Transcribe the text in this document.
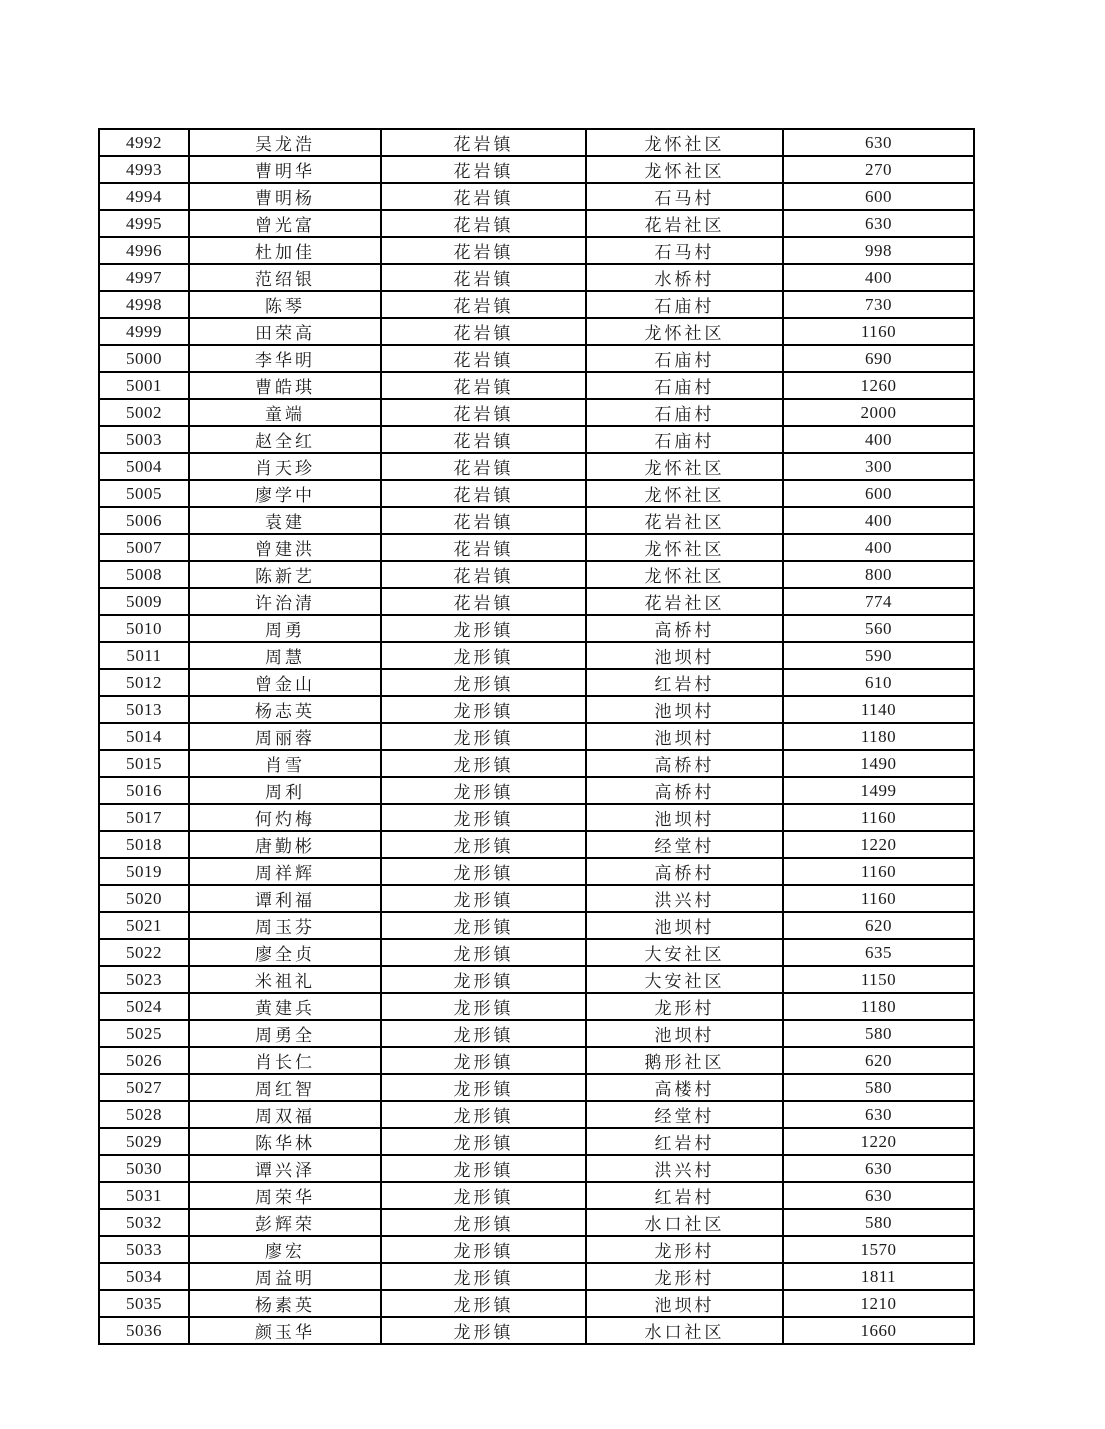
4992	吴龙浩	花岩镇	龙怀社区	630
4993	曹明华	花岩镇	龙怀社区	270
4994	曹明杨	花岩镇	石马村	600
4995	曾光富	花岩镇	花岩社区	630
4996	杜加佳	花岩镇	石马村	998
4997	范绍银	花岩镇	水桥村	400
4998	陈琴	花岩镇	石庙村	730
4999	田荣高	花岩镇	龙怀社区	1160
5000	李华明	花岩镇	石庙村	690
5001	曹皓琪	花岩镇	石庙村	1260
5002	童端	花岩镇	石庙村	2000
5003	赵全红	花岩镇	石庙村	400
5004	肖天珍	花岩镇	龙怀社区	300
5005	廖学中	花岩镇	龙怀社区	600
5006	袁建	花岩镇	花岩社区	400
5007	曾建洪	花岩镇	龙怀社区	400
5008	陈新艺	花岩镇	龙怀社区	800
5009	许治清	花岩镇	花岩社区	774
5010	周勇	龙形镇	高桥村	560
5011	周慧	龙形镇	池坝村	590
5012	曾金山	龙形镇	红岩村	610
5013	杨志英	龙形镇	池坝村	1140
5014	周丽蓉	龙形镇	池坝村	1180
5015	肖雪	龙形镇	高桥村	1490
5016	周利	龙形镇	高桥村	1499
5017	何灼梅	龙形镇	池坝村	1160
5018	唐勤彬	龙形镇	经堂村	1220
5019	周祥辉	龙形镇	高桥村	1160
5020	谭利福	龙形镇	洪兴村	1160
5021	周玉芬	龙形镇	池坝村	620
5022	廖全贞	龙形镇	大安社区	635
5023	米祖礼	龙形镇	大安社区	1150
5024	黄建兵	龙形镇	龙形村	1180
5025	周勇全	龙形镇	池坝村	580
5026	肖长仁	龙形镇	鹅形社区	620
5027	周红智	龙形镇	高楼村	580
5028	周双福	龙形镇	经堂村	630
5029	陈华林	龙形镇	红岩村	1220
5030	谭兴泽	龙形镇	洪兴村	630
5031	周荣华	龙形镇	红岩村	630
5032	彭辉荣	龙形镇	水口社区	580
5033	廖宏	龙形镇	龙形村	1570
5034	周益明	龙形镇	龙形村	1811
5035	杨素英	龙形镇	池坝村	1210
5036	颜玉华	龙形镇	水口社区	1660
